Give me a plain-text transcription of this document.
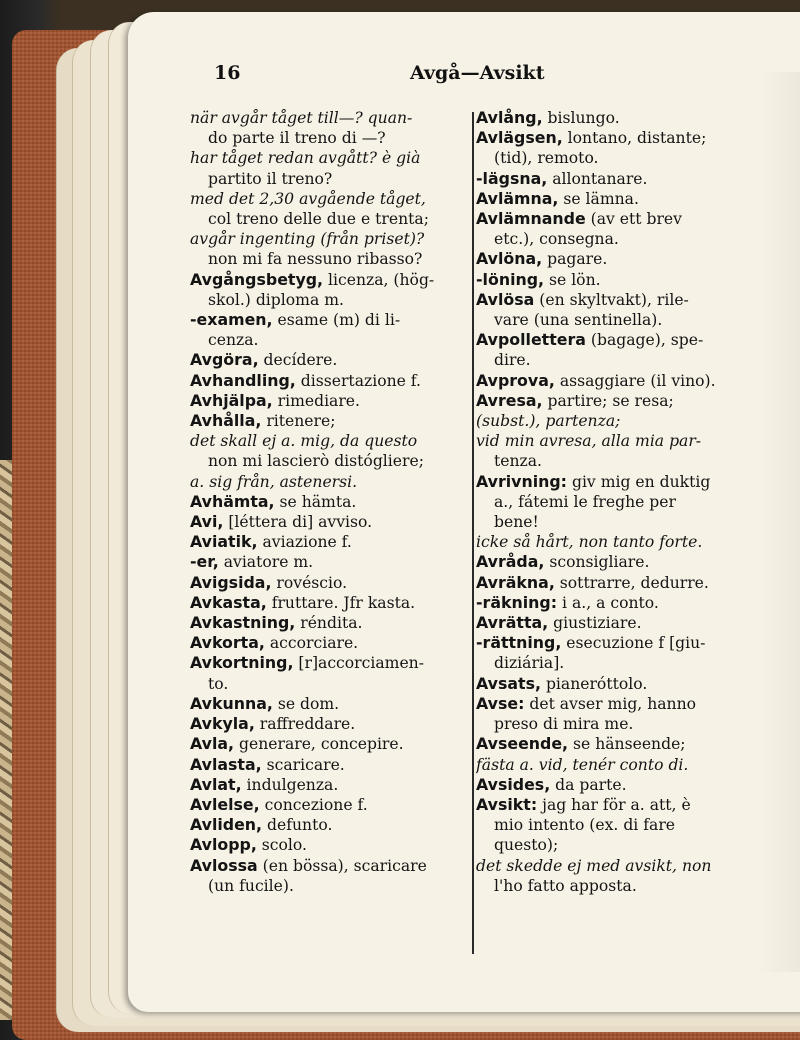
16	Avgå—Avsikt
när avgår tåget till—? quan-
do parte il treno di —?
har tåget redan avgått? è già
partito il treno?
med det 2,30 avgående tåget,
col treno delle due e trenta;
avgår ingenting (från priset)?
non mi fa nessuno ribasso?
Avgångsbetyg, licenza, (hög-
skol.) diploma m.
-examen, esame (m) di li-
cenza.
Avgöra, decídere.
Avhandling, dissertazione f.
Avhjälpa, rimediare.
Avhålla, ritenere;
det skall ej a. mig, da questo
non mi lascierò distógliere;
a. sig från, astenersi.
Avhämta, se hämta.
Avi, [léttera di] avviso.
Aviatik, aviazione f.
-er, aviatore m.
Avigsida, rovéscio.
Avkasta, fruttare. Jfr kasta.
Avkastning, réndita.
Avkorta, accorciare.
Avkortning, [r]accorciamen-
to.
Avkunna, se dom.
Avkyla, raffreddare.
Avla, generare, concepire.
Avlasta, scaricare.
Avlat, indulgenza.
Avlelse, concezione f.
Avliden, defunto.
Avlopp, scolo.
Avlossa (en bössa), scaricare
(un fucile).
Avlång, bislungo.
Avlägsen, lontano, distante;
(tid), remoto.
-lägsna, allontanare.
Avlämna, se lämna.
Avlämnande (av ett brev
etc.), consegna.
Avlöna, pagare.
-löning, se lön.
Avlösa (en skyltvakt), rile-
vare (una sentinella).
Avpollettera (bagage), spe-
dire.
Avprova, assaggiare (il vino).
Avresa, partire; se resa;
(subst.), partenza;
vid min avresa, alla mia par-
tenza.
Avrivning: giv mig en duktig
a., fátemi le freghe per
bene!
icke så hårt, non tanto forte.
Avråda, sconsigliare.
Avräkna, sottrarre, dedurre.
-räkning: i a., a conto.
Avrätta, giustiziare.
-rättning, esecuzione f [giu-
diziária].
Avsats, pianeróttolo.
Avse: det avser mig, hanno
preso di mira me.
Avseende, se hänseende;
fästa a. vid, tenér conto di.
Avsides, da parte.
Avsikt: jag har för a. att, è
mio intento (ex. di fare
questo);
det skedde ej med avsikt, non
l'ho fatto apposta.
